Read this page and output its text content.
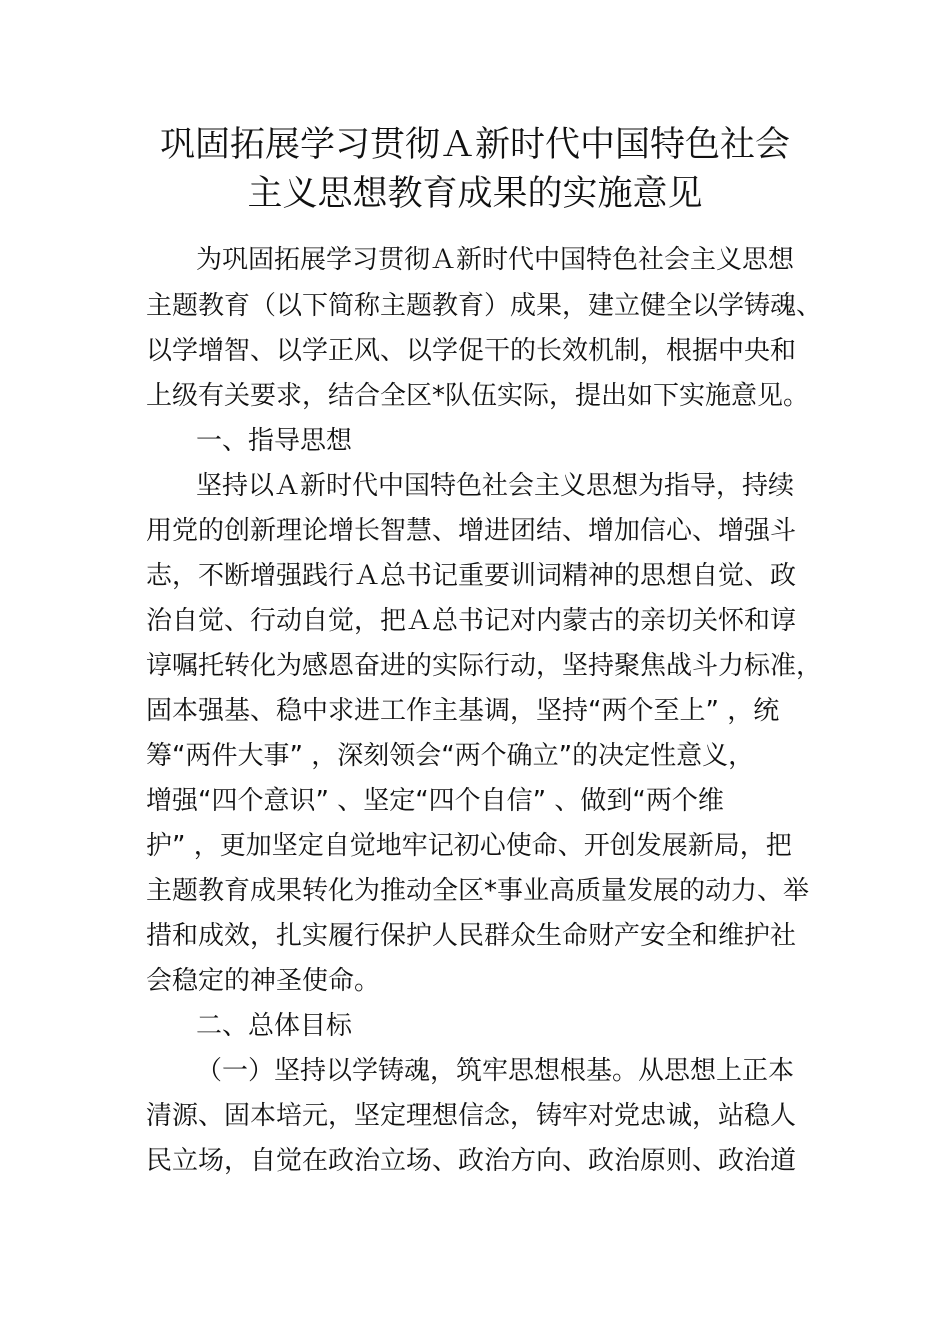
巩固拓展学习贯彻Ａ新时代中国特色社会
主义思想教育成果的实施意见
为巩固拓展学习贯彻Ａ新时代中国特色社会主义思想
主题教育（以下简称主题教育）成果，建立健全以学铸魂、
以学增智、以学正风、以学促干的长效机制，根据中央和
上级有关要求，结合全区*队伍实际，提出如下实施意见。
一、指导思想
坚持以Ａ新时代中国特色社会主义思想为指导，持续
用党的创新理论增长智慧、增进团结、增加信心、增强斗
志，不断增强践行Ａ总书记重要训词精神的思想自觉、政
治自觉、行动自觉，把Ａ总书记对内蒙古的亲切关怀和谆
谆嘱托转化为感恩奋进的实际行动，坚持聚焦战斗力标准，
固本强基、稳中求进工作主基调，坚持“两个至上” ，统
筹“两件大事” ，深刻领会“两个确立”的决定性意义，
增强“四个意识” 、坚定“四个自信” 、做到“两个维
护” ，更加坚定自觉地牢记初心使命、开创发展新局，把
主题教育成果转化为推动全区*事业高质量发展的动力、举
措和成效，扎实履行保护人民群众生命财产安全和维护社
会稳定的神圣使命。
二、总体目标
（一）坚持以学铸魂，筑牢思想根基。从思想上正本
清源、固本培元，坚定理想信念，铸牢对党忠诚，站稳人
民立场，自觉在政治立场、政治方向、政治原则、政治道
